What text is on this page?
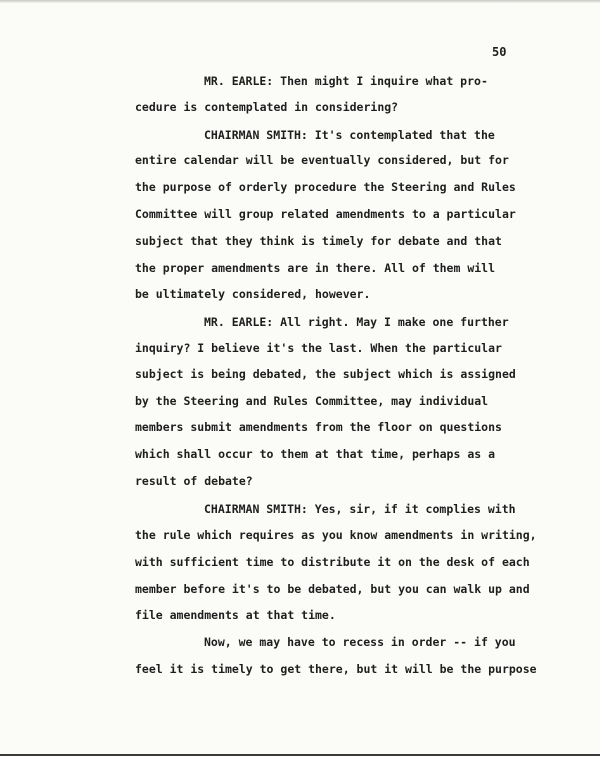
50
MR. EARLE: Then might I inquire what pro-
cedure is contemplated in considering?
CHAIRMAN SMITH: It's contemplated that the
entire calendar will be eventually considered, but for
the purpose of orderly procedure the Steering and Rules
Committee will group related amendments to a particular
subject that they think is timely for debate and that
the proper amendments are in there. All of them will
be ultimately considered, however.
MR. EARLE: All right. May I make one further
inquiry? I believe it's the last. When the particular
subject is being debated, the subject which is assigned
by the Steering and Rules Committee, may individual
members submit amendments from the floor on questions
which shall occur to them at that time, perhaps as a
result of debate?
CHAIRMAN SMITH: Yes, sir, if it complies with
the rule which requires as you know amendments in writing,
with sufficient time to distribute it on the desk of each
member before it's to be debated, but you can walk up and
file amendments at that time.
Now, we may have to recess in order -- if you
feel it is timely to get there, but it will be the purpose
